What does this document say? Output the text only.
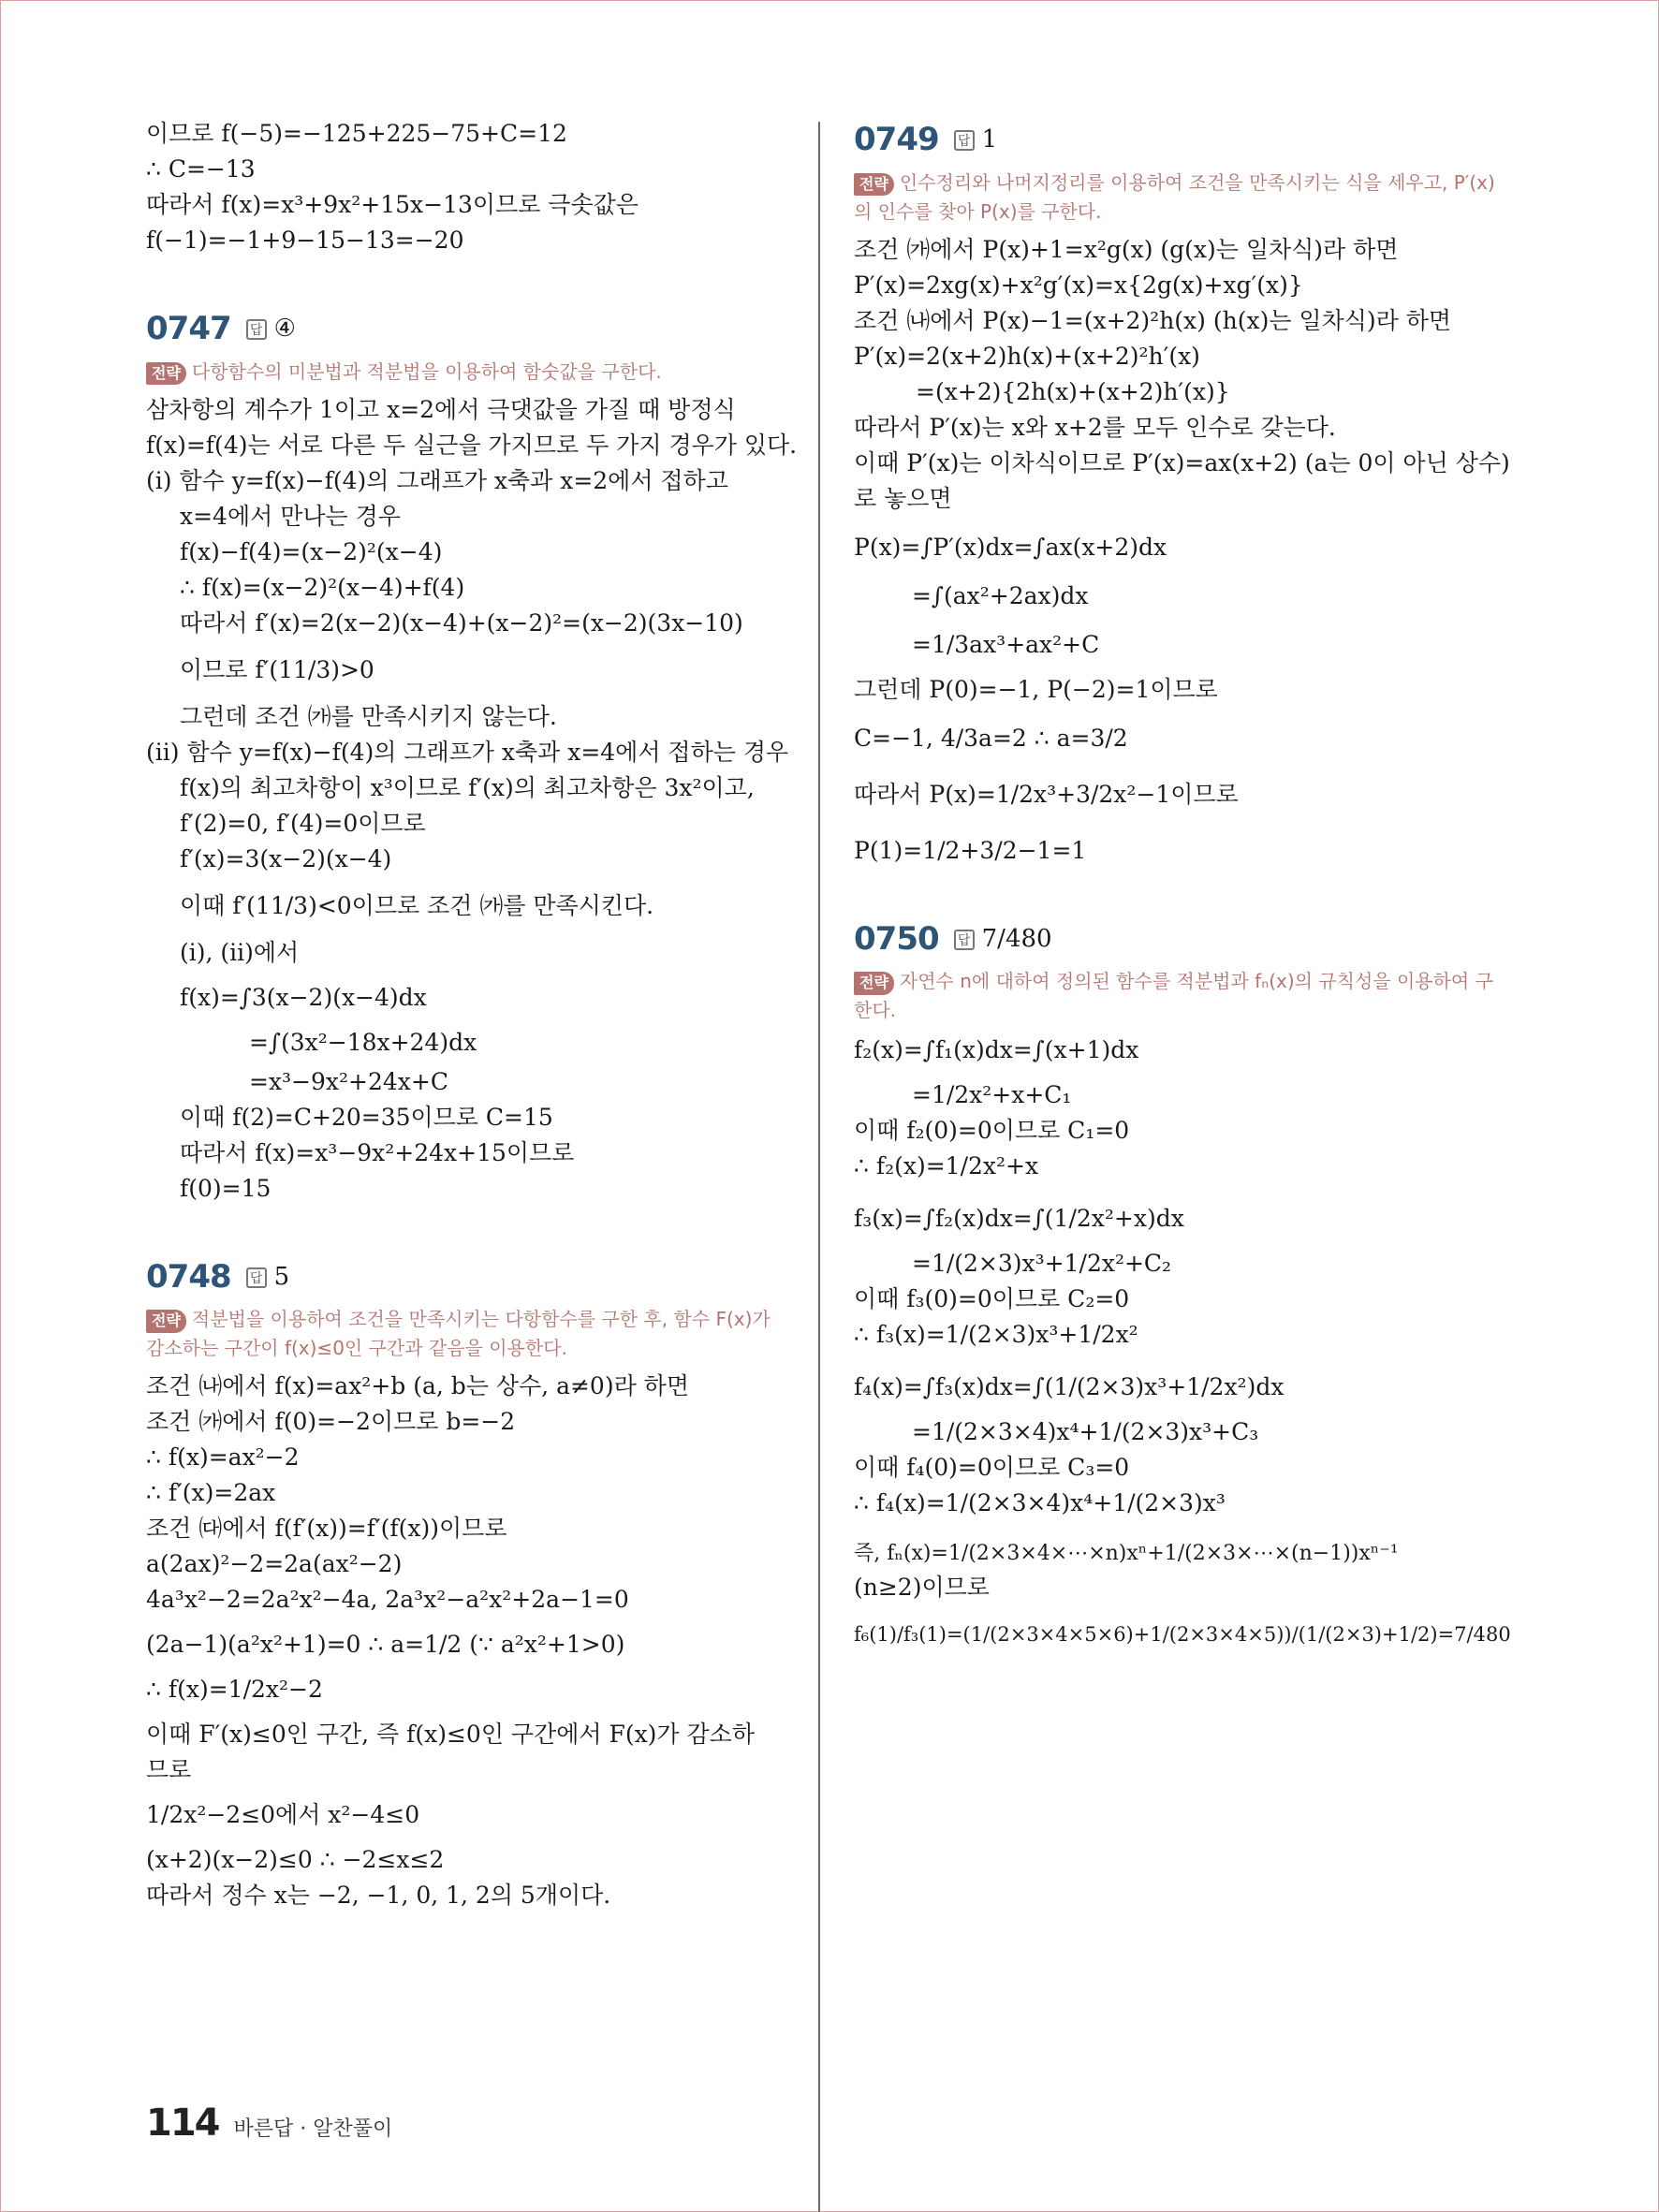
이므로 f(−5)=−125+225−75+C=12
∴ C=−13
따라서 f(x)=x³+9x²+15x−13이므로 극솟값은
f(−1)=−1+9−15−13=−20
0747	답 ④
전략 다항함수의 미분법과 적분법을 이용하여 함숫값을 구한다.
삼차항의 계수가 1이고 x=2에서 극댓값을 가질 때 방정식
f(x)=f(4)는 서로 다른 두 실근을 가지므로 두 가지 경우가 있다.
(i) 함수 y=f(x)−f(4)의 그래프가 x축과 x=2에서 접하고
x=4에서 만나는 경우
f(x)−f(4)=(x−2)²(x−4)
∴ f(x)=(x−2)²(x−4)+f(4)
따라서 f′(x)=2(x−2)(x−4)+(x−2)²=(x−2)(3x−10)
이므로 f′(11/3)>0
그런데 조건 ㈎를 만족시키지 않는다.
(ii) 함수 y=f(x)−f(4)의 그래프가 x축과 x=4에서 접하는 경우
f(x)의 최고차항이 x³이므로 f′(x)의 최고차항은 3x²이고,
f′(2)=0, f′(4)=0이므로
f′(x)=3(x−2)(x−4)
이때 f′(11/3)<0이므로 조건 ㈎를 만족시킨다.
(i), (ii)에서
f(x)=∫3(x−2)(x−4)dx
=∫(3x²−18x+24)dx
=x³−9x²+24x+C
이때 f(2)=C+20=35이므로 C=15
따라서 f(x)=x³−9x²+24x+15이므로
f(0)=15
0748	답 5
전략 적분법을 이용하여 조건을 만족시키는 다항함수를 구한 후, 함수 F(x)가 감소하는 구간이 f(x)≤0인 구간과 같음을 이용한다.
조건 ㈏에서 f(x)=ax²+b (a, b는 상수, a≠0)라 하면
조건 ㈎에서 f(0)=−2이므로 b=−2
∴ f(x)=ax²−2
∴ f′(x)=2ax
조건 ㈐에서 f(f′(x))=f′(f(x))이므로
a(2ax)²−2=2a(ax²−2)
4a³x²−2=2a²x²−4a, 2a³x²−a²x²+2a−1=0
(2a−1)(a²x²+1)=0 ∴ a=1/2 (∵ a²x²+1>0)
∴ f(x)=1/2x²−2
이때 F′(x)≤0인 구간, 즉 f(x)≤0인 구간에서 F(x)가 감소하
므로
1/2x²−2≤0에서 x²−4≤0
(x+2)(x−2)≤0 ∴ −2≤x≤2
따라서 정수 x는 −2, −1, 0, 1, 2의 5개이다.
0749	답 1
전략 인수정리와 나머지정리를 이용하여 조건을 만족시키는 식을 세우고, P′(x)의 인수를 찾아 P(x)를 구한다.
조건 ㈎에서 P(x)+1=x²g(x) (g(x)는 일차식)라 하면
P′(x)=2xg(x)+x²g′(x)=x{2g(x)+xg′(x)}
조건 ㈏에서 P(x)−1=(x+2)²h(x) (h(x)는 일차식)라 하면
P′(x)=2(x+2)h(x)+(x+2)²h′(x)
=(x+2){2h(x)+(x+2)h′(x)}
따라서 P′(x)는 x와 x+2를 모두 인수로 갖는다.
이때 P′(x)는 이차식이므로 P′(x)=ax(x+2) (a는 0이 아닌 상수)
로 놓으면
P(x)=∫P′(x)dx=∫ax(x+2)dx
=∫(ax²+2ax)dx
=1/3ax³+ax²+C
그런데 P(0)=−1, P(−2)=1이므로
C=−1, 4/3a=2 ∴ a=3/2
따라서 P(x)=1/2x³+3/2x²−1이므로
P(1)=1/2+3/2−1=1
0750	답 7/480
전략 자연수 n에 대하여 정의된 함수를 적분법과 fₙ(x)의 규칙성을 이용하여 구한다.
f₂(x)=∫f₁(x)dx=∫(x+1)dx
=1/2x²+x+C₁
이때 f₂(0)=0이므로 C₁=0
∴ f₂(x)=1/2x²+x
f₃(x)=∫f₂(x)dx=∫(1/2x²+x)dx
=1/(2×3)x³+1/2x²+C₂
이때 f₃(0)=0이므로 C₂=0
∴ f₃(x)=1/(2×3)x³+1/2x²
f₄(x)=∫f₃(x)dx=∫(1/(2×3)x³+1/2x²)dx
=1/(2×3×4)x⁴+1/(2×3)x³+C₃
이때 f₄(0)=0이므로 C₃=0
∴ f₄(x)=1/(2×3×4)x⁴+1/(2×3)x³
즉, fₙ(x)=1/(2×3×4×⋯×n)xⁿ+1/(2×3×⋯×(n−1))xⁿ⁻¹
(n≥2)이므로
f₆(1)/f₃(1)=(1/(2×3×4×5×6)+1/(2×3×4×5))/(1/(2×3)+1/2)=7/480
114 바른답 · 알찬풀이
